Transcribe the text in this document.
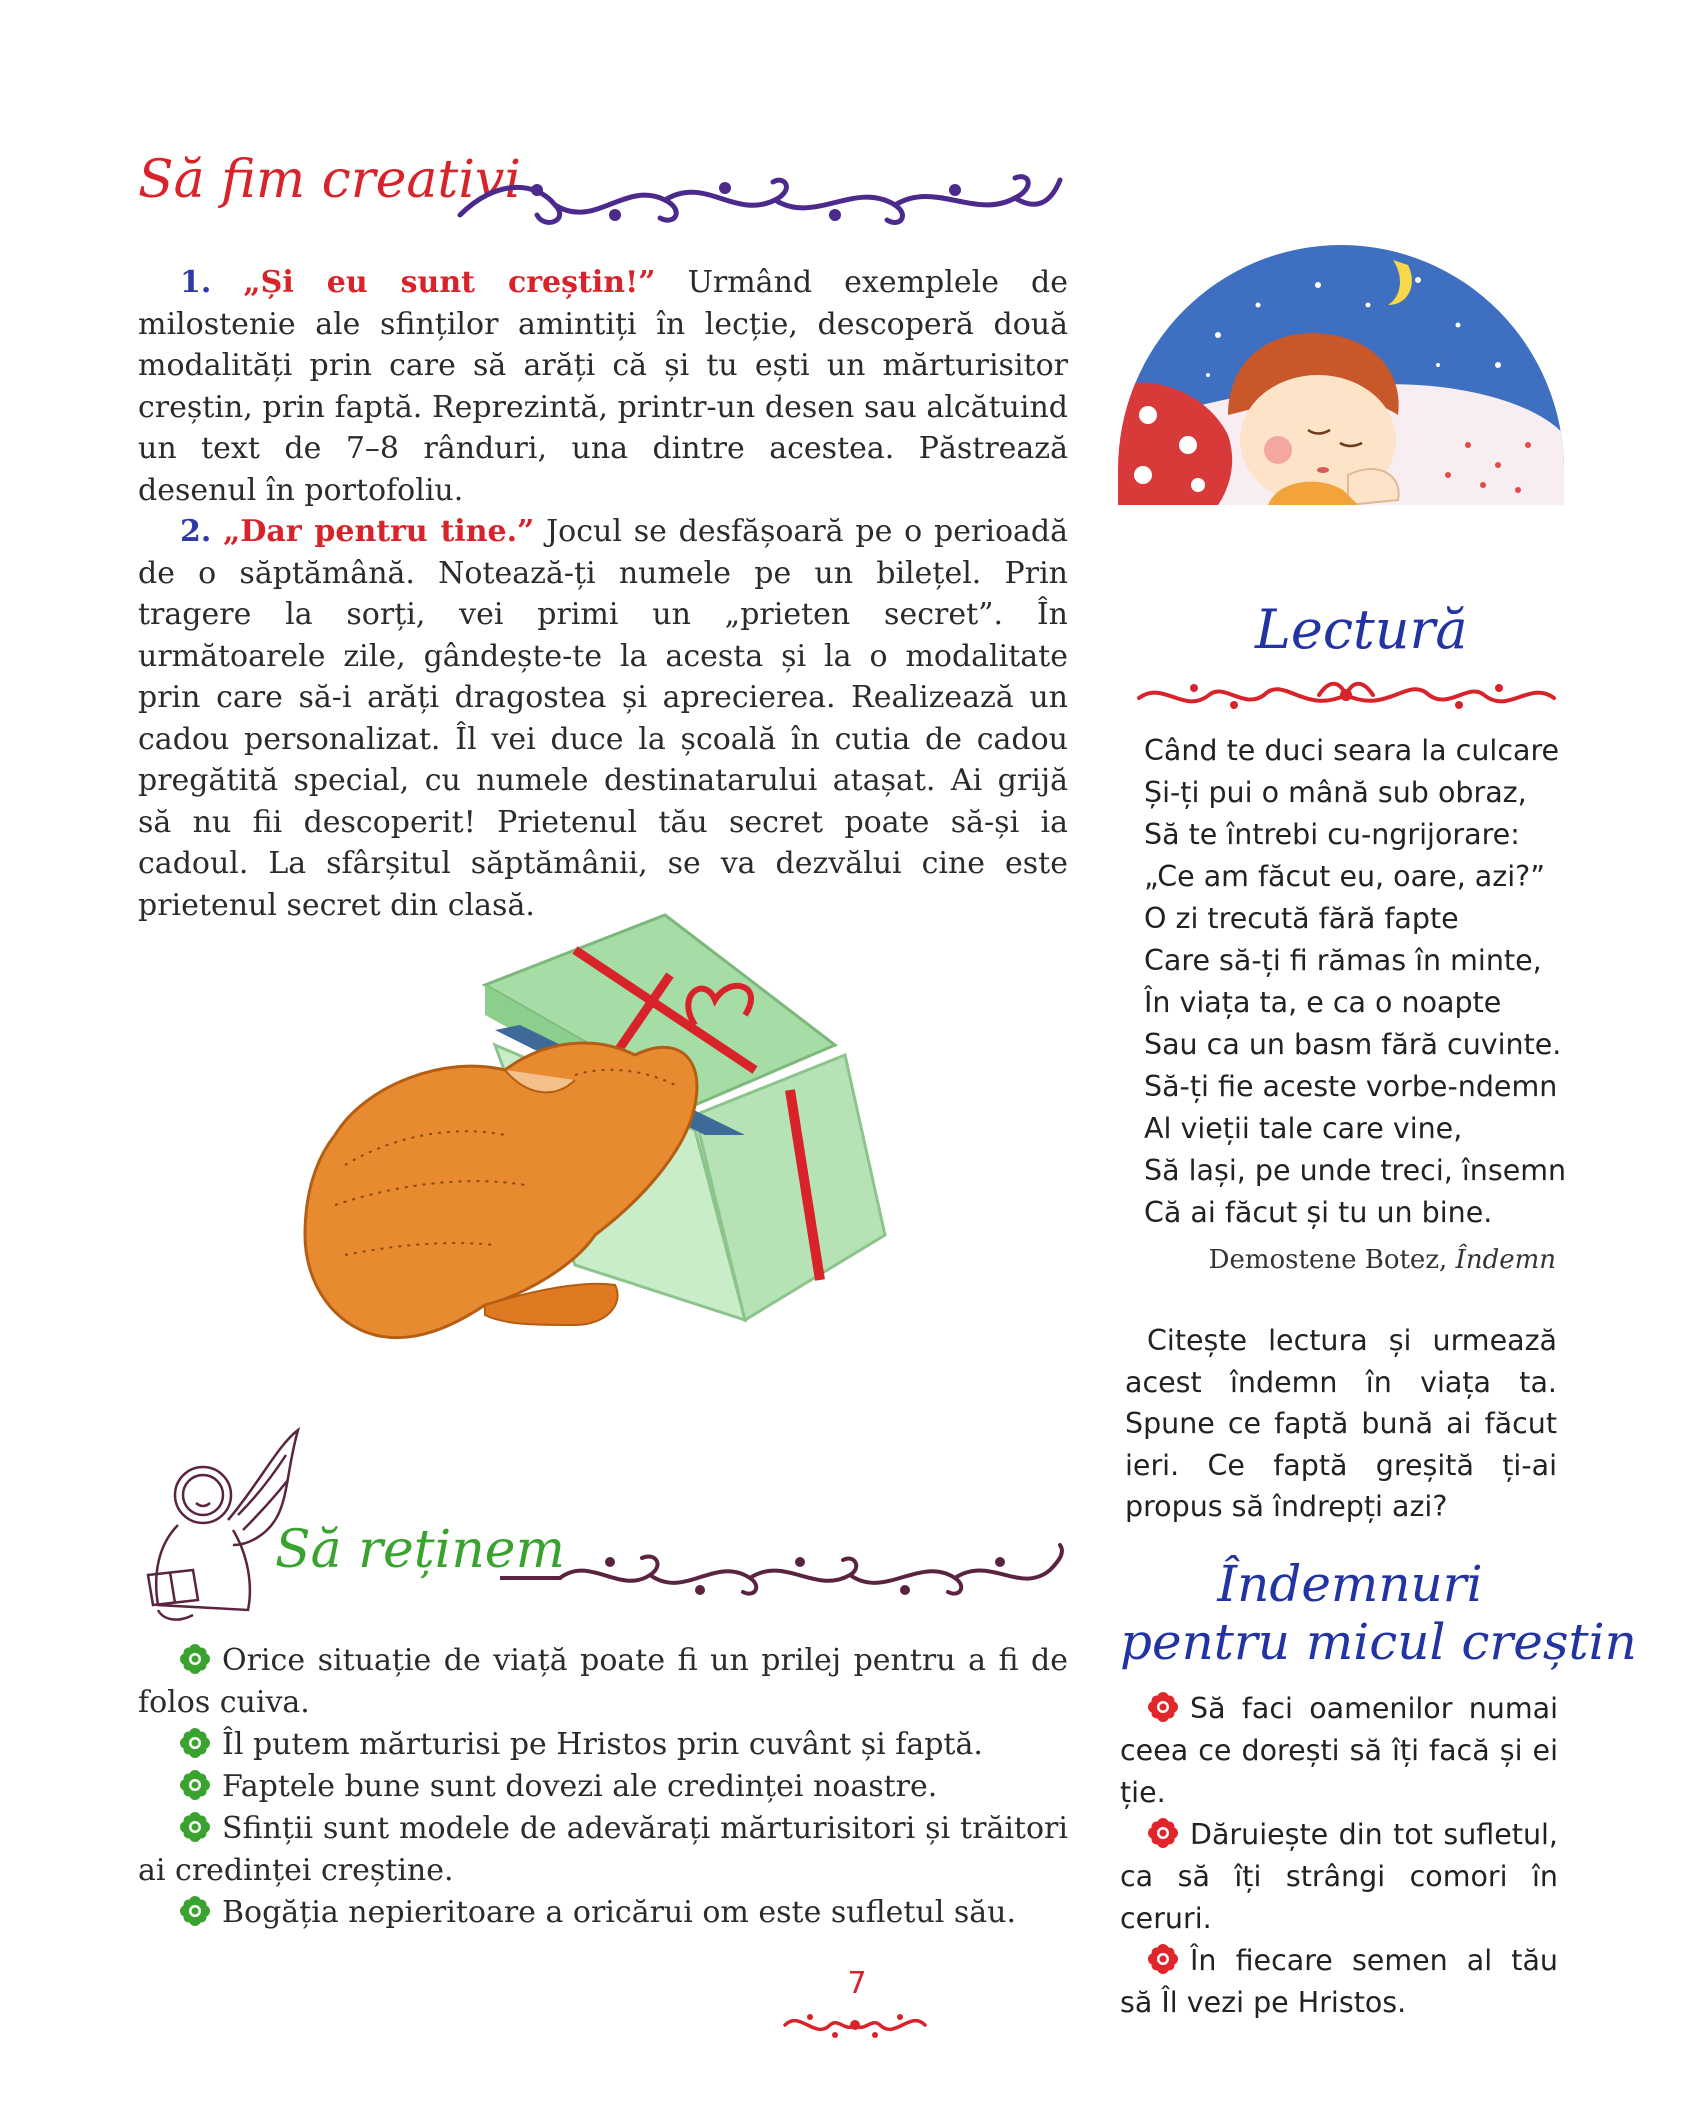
Să fim creativi

1. „Și eu sunt creștin!” Urmând exemplele de milostenie ale sfinților amintiți în lecție, descoperă două modalități prin care să arăți că și tu ești un mărturisitor creștin, prin faptă. Reprezintă, printr-un desen sau alcătuind un text de 7–8 rânduri, una dintre acestea. Păstrează desenul în portofoliu.

2. „Dar pentru tine.” Jocul se desfășoară pe o perioadă de o săptămână. Notează-ți numele pe un bilețel. Prin tragere la sorți, vei primi un „prieten secret”. În următoarele zile, gândește-te la acesta și la o modalitate prin care să-i arăți dragostea și aprecierea. Realizează un cadou personalizat. Îl vei duce la școală în cutia de cadou pregătită special, cu numele destinatarului atașat. Ai grijă să nu fii descoperit! Prietenul tău secret poate să-și ia cadoul. La sfârșitul săptămânii, se va dezvălui cine este prietenul secret din clasă.

Să reținem

Orice situație de viață poate fi un prilej pentru a fi de folos cuiva.

Îl putem mărturisi pe Hristos prin cuvânt și faptă.

Faptele bune sunt dovezi ale credinței noastre.

Sfinții sunt modele de adevărați mărturisitori și trăitori ai credinței creștine.

Bogăția nepieritoare a oricărui om este sufletul său.

Lectură
Când te duci seara la culcare
Și-ți pui o mână sub obraz,
Să te întrebi cu-ngrijorare:
„Ce am făcut eu, oare, azi?”
O zi trecută fără fapte
Care să-ți fi rămas în minte,
În viața ta, e ca o noapte
Sau ca un basm fără cuvinte.
Să-ți fie aceste vorbe-ndemn
Al vieții tale care vine,
Să lași, pe unde treci, însemn
Că ai făcut și tu un bine.
Demostene Botez, Îndemn
Citește lectura și urmează acest îndemn în viața ta. Spune ce faptă bună ai făcut ieri. Ce faptă greșită ți-ai propus să îndrepți azi?
Îndemnuri
pentru micul creștin

Să faci oamenilor numai ceea ce dorești să îți facă și ei ție.

Dăruiește din tot sufletul, ca să îți strângi comori în ceruri.

În fiecare semen al tău să Îl vezi pe Hristos.

7
